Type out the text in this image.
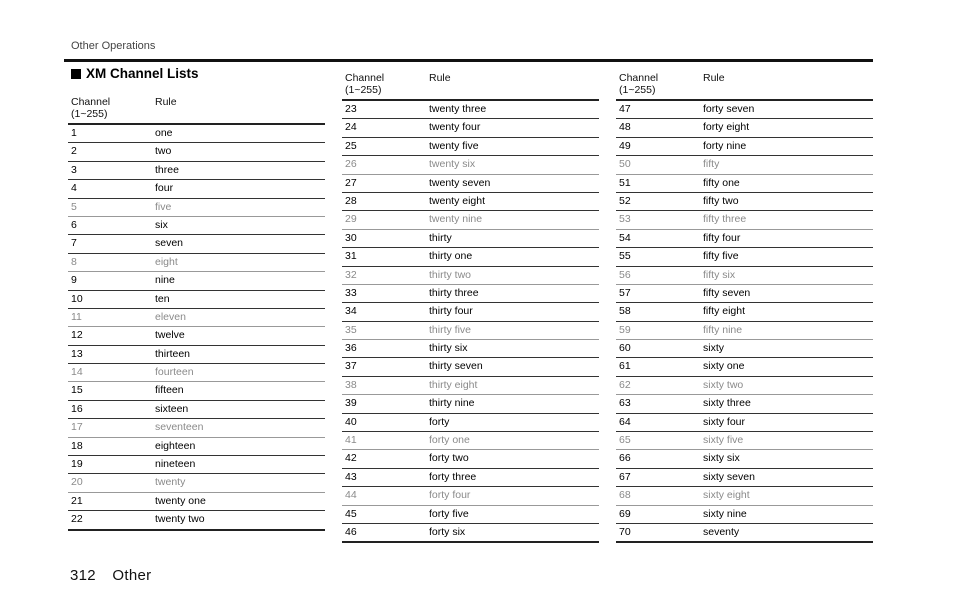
Other Operations
XM Channel Lists
Channel
(1~255)
Rule
1	one
2	two
3	three
4	four
5	five
6	six
7	seven
8	eight
9	nine
10	ten
11	eleven
12	twelve
13	thirteen
14	fourteen
15	fifteen
16	sixteen
17	seventeen
18	eighteen
19	nineteen
20	twenty
21	twenty one
22	twenty two
Channel
(1~255)
Rule
23	twenty three
24	twenty four
25	twenty five
26	twenty six
27	twenty seven
28	twenty eight
29	twenty nine
30	thirty
31	thirty one
32	thirty two
33	thirty three
34	thirty four
35	thirty five
36	thirty six
37	thirty seven
38	thirty eight
39	thirty nine
40	forty
41	forty one
42	forty two
43	forty three
44	forty four
45	forty five
46	forty six
Channel
(1~255)
Rule
47	forty seven
48	forty eight
49	forty nine
50	fifty
51	fifty one
52	fifty two
53	fifty three
54	fifty four
55	fifty five
56	fifty six
57	fifty seven
58	fifty eight
59	fifty nine
60	sixty
61	sixty one
62	sixty two
63	sixty three
64	sixty four
65	sixty five
66	sixty six
67	sixty seven
68	sixty eight
69	sixty nine
70	seventy
312 Other
